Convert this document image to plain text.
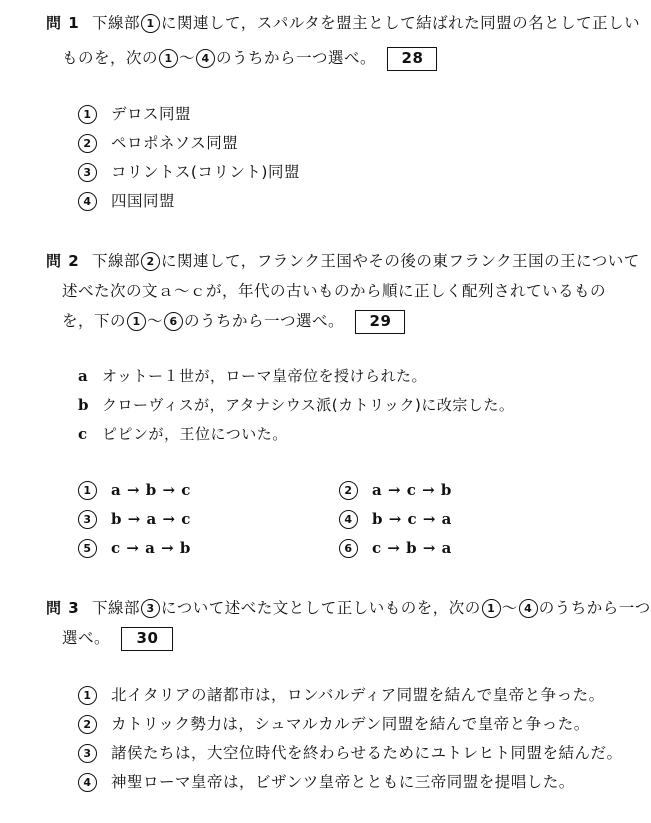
問 1 下線部 1 に関連して，スパルタを盟主として結ばれた同盟の名として正しい
ものを，次の 1 〜 4 のうちから一つ選べ。 28
1 デロス同盟
2 ペロポネソス同盟
3 コリントス(コリント)同盟
4 四国同盟
問 2 下線部 2 に関連して，フランク王国やその後の東フランク王国の王について
述べた次の文ａ〜ｃが，年代の古いものから順に正しく配列されているもの
を，下の 1 〜 6 のうちから一つ選べ。 29
a オットー１世が，ローマ皇帝位を授けられた。
b クローヴィスが，アタナシウス派(カトリック)に改宗した。
c ピピンが，王位についた。
1 a → b → c	2 a → c → b
3 b → a → c	4 b → c → a
5 c → a → b	6 c → b → a
問 3 下線部 3 について述べた文として正しいものを，次の 1 〜 4 のうちから一つ
選べ。 30
1 北イタリアの諸都市は，ロンバルディア同盟を結んで皇帝と争った。
2 カトリック勢力は，シュマルカルデン同盟を結んで皇帝と争った。
3 諸侯たちは，大空位時代を終わらせるためにユトレヒト同盟を結んだ。
4 神聖ローマ皇帝は，ビザンツ皇帝とともに三帝同盟を提唱した。
